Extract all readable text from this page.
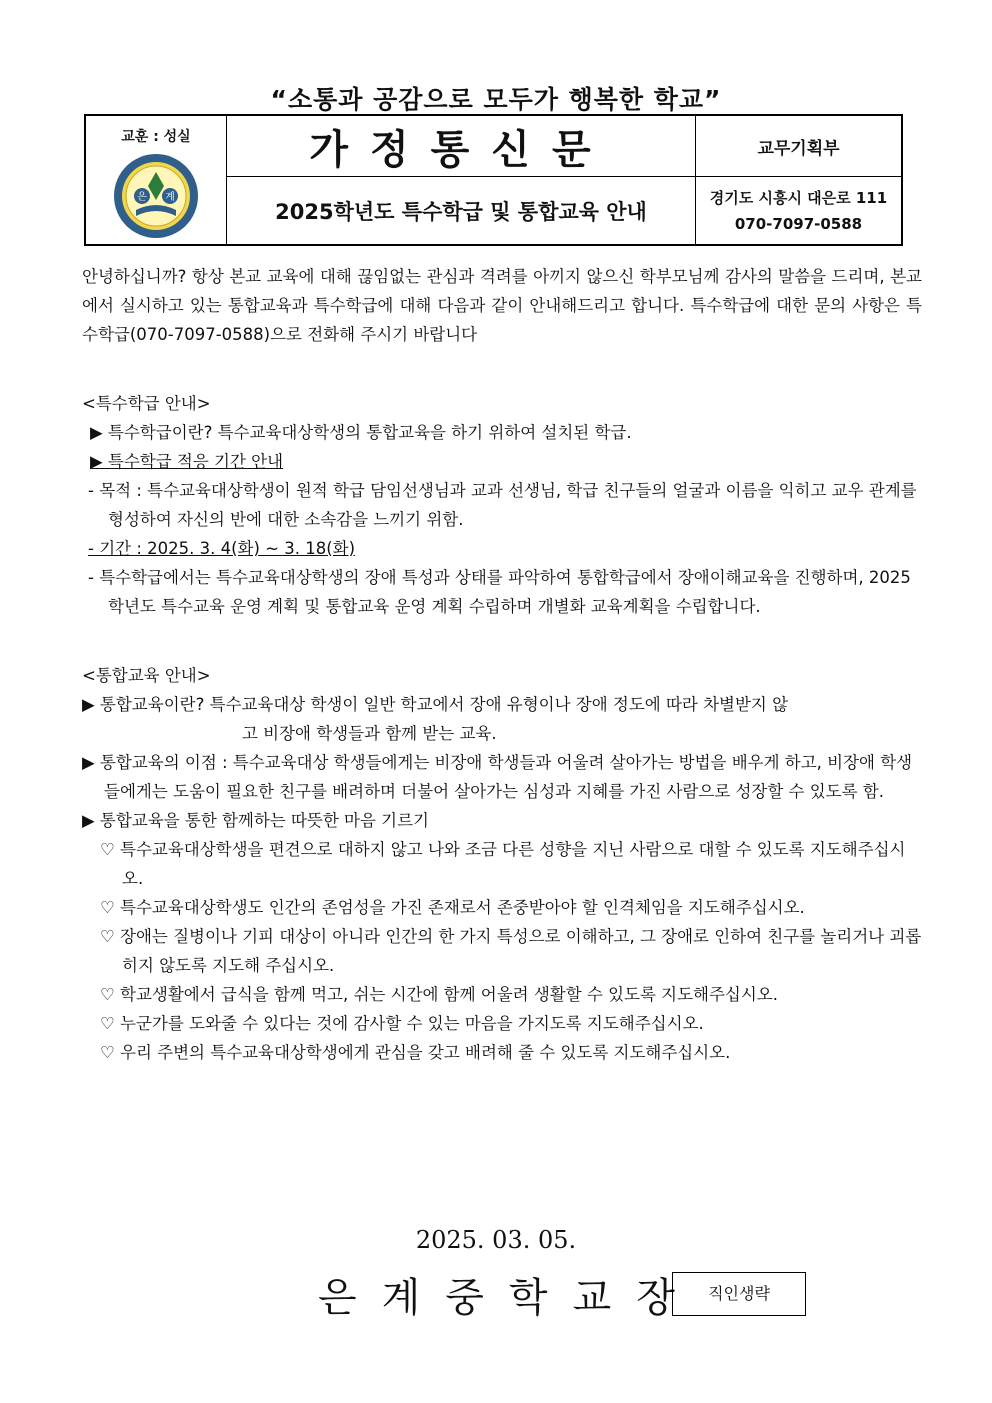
“소통과 공감으로 모두가 행복한 학교”
교훈 : 성실
은 계	가정통신문	교무기획부
	2025학년도 특수학급 및 통합교육 안내	경기도 시흥시 대은로 111
070-7097-0588
안녕하십니까? 항상 본교 교육에 대해 끊임없는 관심과 격려를 아끼지 않으신 학부모님께 감사의 말씀을 드리며, 본교에서 실시하고 있는 통합교육과 특수학급에 대해 다음과 같이 안내해드리고 합니다. 특수학급에 대한 문의 사항은 특수학급(070-7097-0588)으로 전화해 주시기 바랍니다
<특수학급 안내>
▶ 특수학급이란? 특수교육대상학생의 통합교육을 하기 위하여 설치된 학급.
▶ 특수학급 적응 기간 안내
- 목적 : 특수교육대상학생이 원적 학급 담임선생님과 교과 선생님, 학급 친구들의 얼굴과 이름을 익히고 교우 관계를 형성하여 자신의 반에 대한 소속감을 느끼기 위함.
- 기간 : 2025. 3. 4(화) ~ 3. 18(화)
- 특수학급에서는 특수교육대상학생의 장애 특성과 상태를 파악하여 통합학급에서 장애이해교육을 진행하며, 2025학년도 특수교육 운영 계획 및 통합교육 운영 계획 수립하며 개별화 교육계획을 수립합니다.
<통합교육 안내>
▶ 통합교육이란? 특수교육대상 학생이 일반 학교에서 장애 유형이나 장애 정도에 따라 차별받지 않
고 비장애 학생들과 함께 받는 교육.
▶ 통합교육의 이점 : 특수교육대상 학생들에게는 비장애 학생들과 어울려 살아가는 방법을 배우게 하고, 비장애 학생들에게는 도움이 필요한 친구를 배려하며 더불어 살아가는 심성과 지혜를 가진 사람으로 성장할 수 있도록 함.
▶ 통합교육을 통한 함께하는 따뜻한 마음 기르기
♡ 특수교육대상학생을 편견으로 대하지 않고 나와 조금 다른 성향을 지닌 사람으로 대할 수 있도록 지도해주십시오.
♡ 특수교육대상학생도 인간의 존엄성을 가진 존재로서 존중받아야 할 인격체임을 지도해주십시오.
♡ 장애는 질병이나 기피 대상이 아니라 인간의 한 가지 특성으로 이해하고, 그 장애로 인하여 친구를 놀리거나 괴롭히지 않도록 지도해 주십시오.
♡ 학교생활에서 급식을 함께 먹고, 쉬는 시간에 함께 어울려 생활할 수 있도록 지도해주십시오.
♡ 누군가를 도와줄 수 있다는 것에 감사할 수 있는 마음을 가지도록 지도해주십시오.
♡ 우리 주변의 특수교육대상학생에게 관심을 갖고 배려해 줄 수 있도록 지도해주십시오.
2025. 03. 05.
은계중학교장 직인생략
